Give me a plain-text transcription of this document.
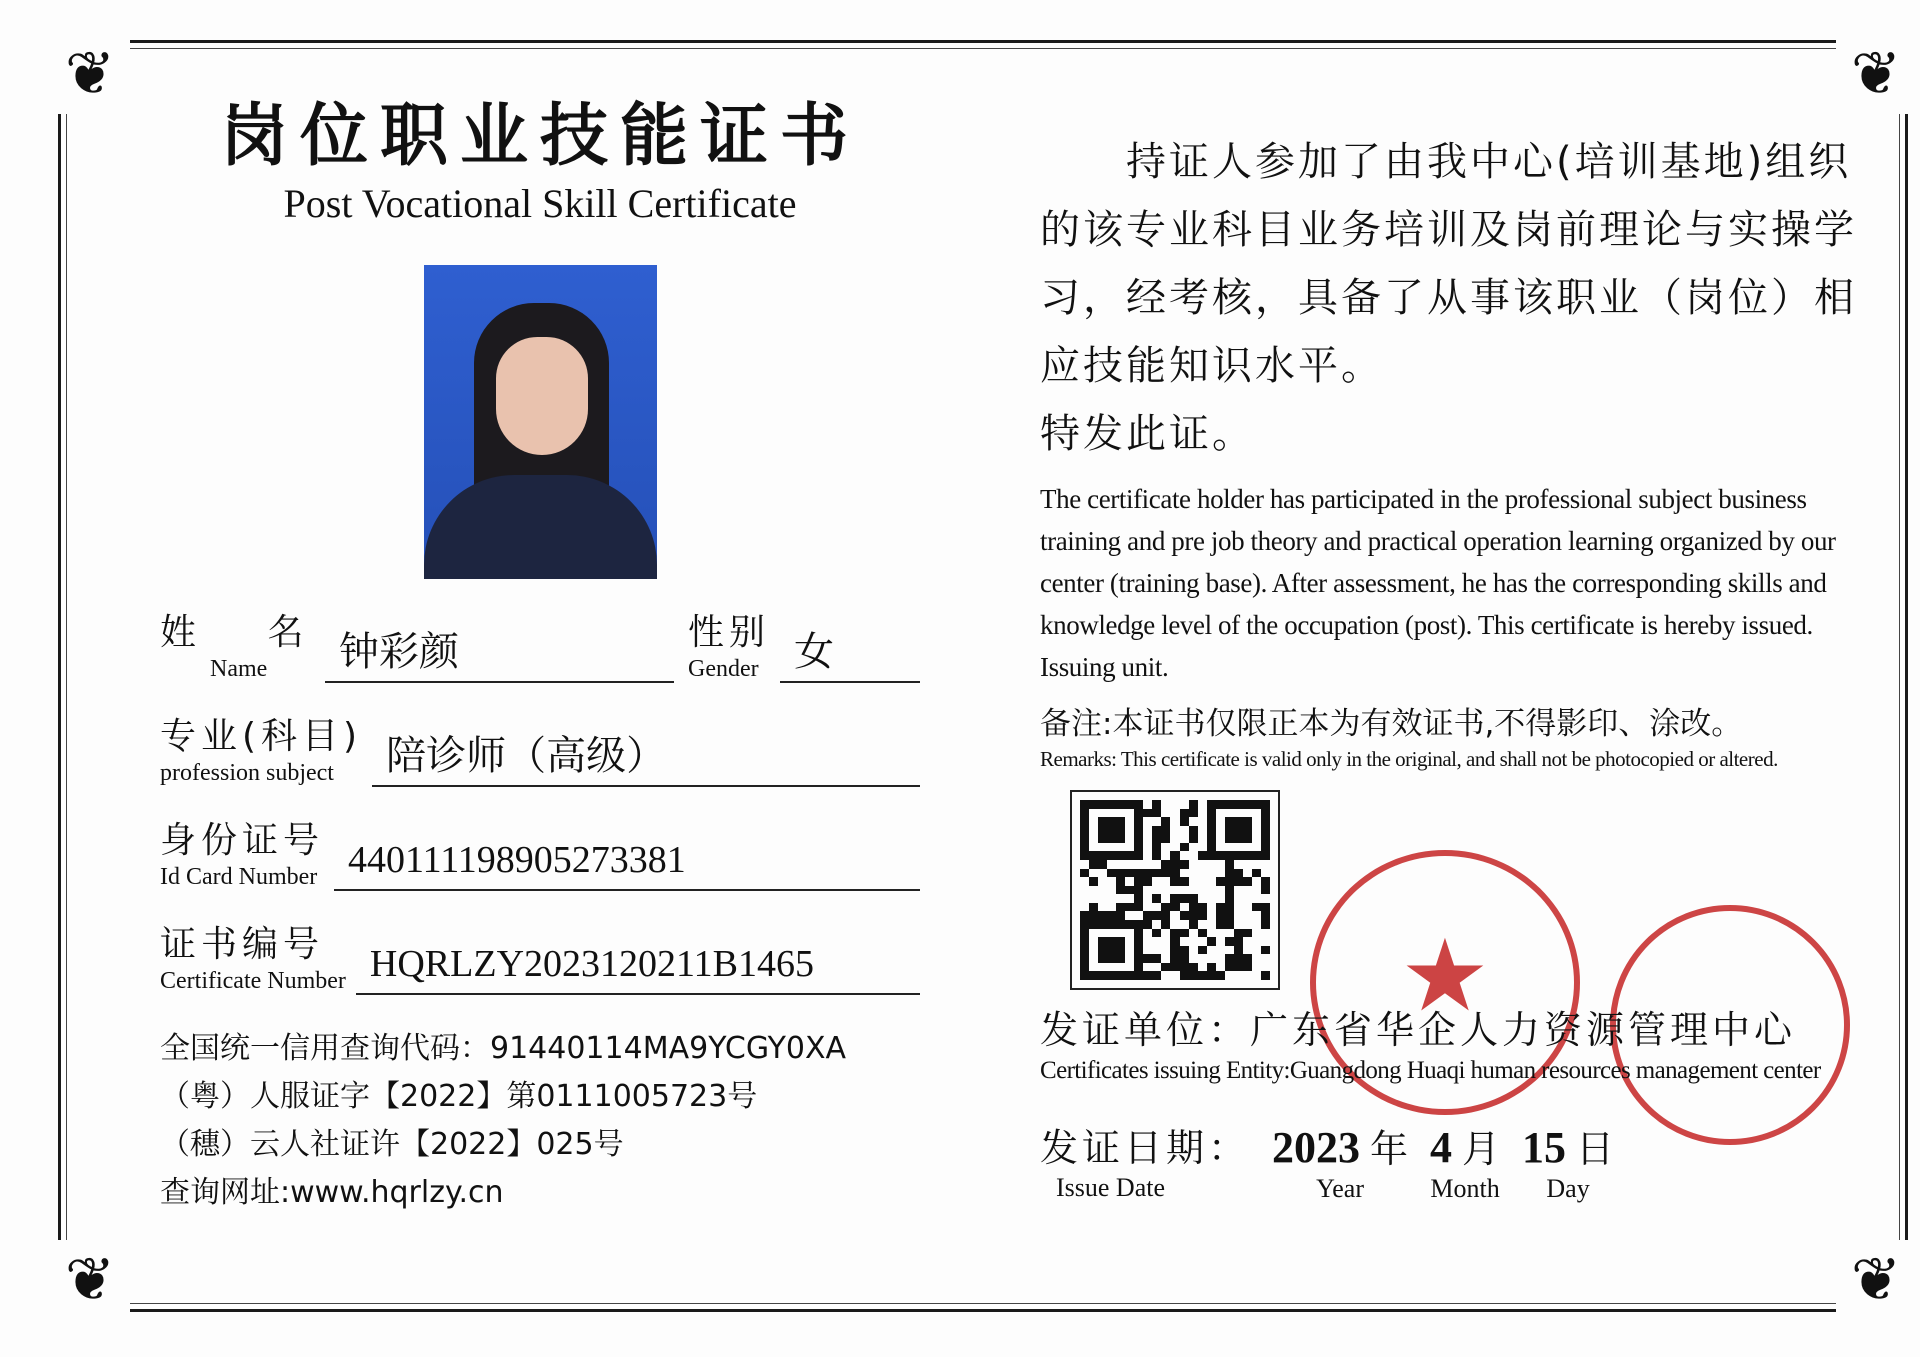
❦	❦
❦	❦
岗位职业技能证书
Post Vocational Skill Certificate
姓 名
Name	钟彩颜	性别
Gender 女
专业(科目)
profession subject	陪诊师（高级）
身份证号
Id Card Number 440111198905273381
证书编号
Certificate Number HQRLZY2023120211B1465
全国统一信用查询代码：91440114MA9YCGY0XA
（粤）人服证字【2022】第0111005723号
（穗）云人社证许【2022】025号
查询网址:www.hqrlzy.cn
持证人参加了由我中心(培训基地)组织的该专业科目业务培训及岗前理论与实操学习，经考核，具备了从事该职业（岗位）相应技能知识水平。
特发此证。
The certificate holder has participated in the professional subject business training and pre job theory and practical operation learning organized by our center (training base). After assessment, he has the corresponding skills and knowledge level of the occupation (post). This certificate is hereby issued. Issuing unit.
备注:本证书仅限正本为有效证书,不得影印、涂改。
Remarks: This certificate is valid only in the original, and shall not be photocopied or altered.
★
发证单位：广东省华企人力资源管理中心
Certificates issuing Entity:Guangdong Huaqi human resources management center
发证日期：
Issue Date
2023 年
Year
4 月
Month
15 日
Day
